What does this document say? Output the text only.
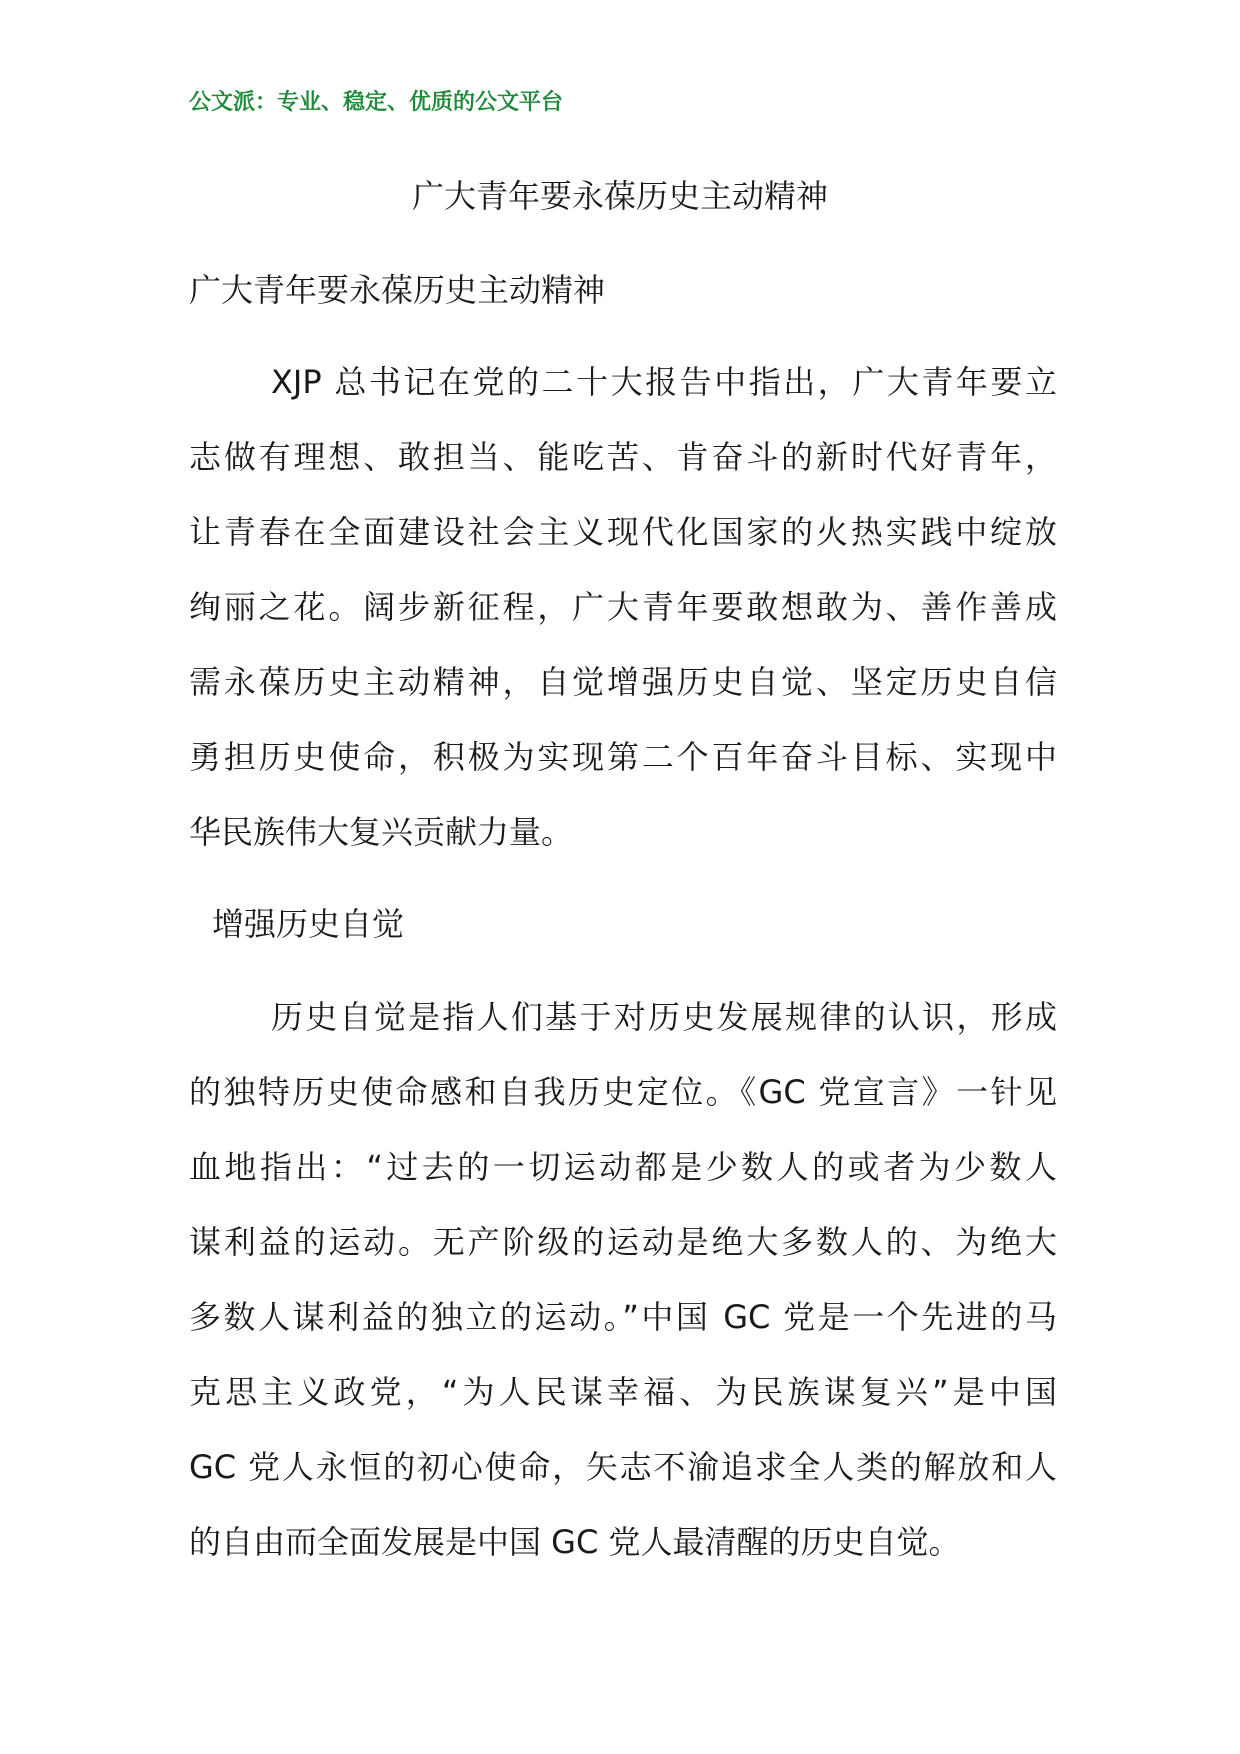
公文派：专业、稳定、优质的公文平台
广大青年要永葆历史主动精神
广大青年要永葆历史主动精神
XJP 总书记在党的二十大报告中指出，广大青年要立
志做有理想、敢担当、能吃苦、肯奋斗的新时代好青年，
让青春在全面建设社会主义现代化国家的火热实践中绽放
绚丽之花。阔步新征程，广大青年要敢想敢为、善作善成
需永葆历史主动精神，自觉增强历史自觉、坚定历史自信
勇担历史使命，积极为实现第二个百年奋斗目标、实现中
华民族伟大复兴贡献力量。
增强历史自觉
历史自觉是指人们基于对历史发展规律的认识，形成
的独特历史使命感和自我历史定位。《GC 党宣言》一针见
血地指出：“过去的一切运动都是少数人的或者为少数人
谋利益的运动。无产阶级的运动是绝大多数人的、为绝大
多数人谋利益的独立的运动。”中国 GC 党是一个先进的马
克思主义政党，“为人民谋幸福、为民族谋复兴”是中国
GC 党人永恒的初心使命，矢志不渝追求全人类的解放和人
的自由而全面发展是中国 GC 党人最清醒的历史自觉。
